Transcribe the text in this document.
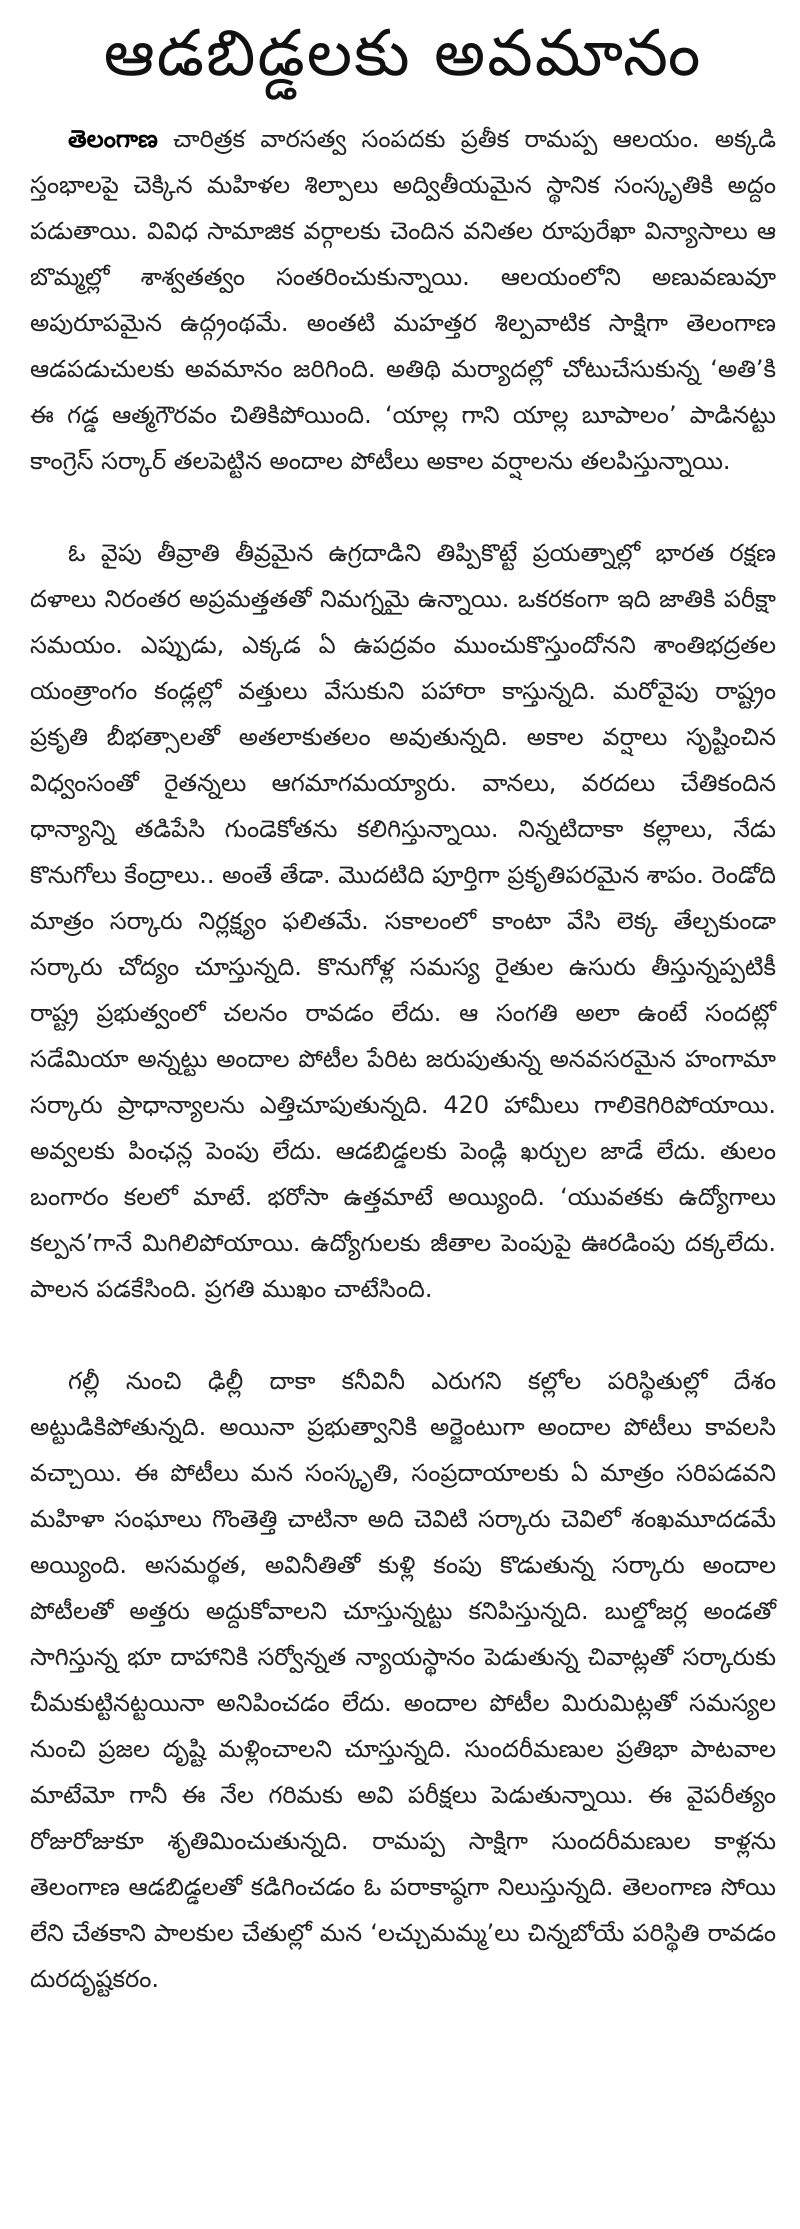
ఆడబిడ్డలకు అవమానం

తెలంగాణ చారిత్రక వారసత్వ సంపదకు ప్రతీక రామప్ప ఆలయం. అక్కడి స్తంభాలపై చెక్కిన మహిళల శిల్పాలు అద్వితీయమైన స్థానిక సంస్కృతికి అద్దం పడుతాయి. వివిధ సామాజిక వర్గాలకు చెందిన వనితల రూపురేఖా విన్యాసాలు ఆ బొమ్మల్లో శాశ్వతత్వం సంతరించుకున్నాయి. ఆలయంలోని అణువణువూ అపురూపమైన ఉద్గ్రంథమే. అంతటి మహత్తర శిల్పవాటిక సాక్షిగా తెలంగాణ ఆడపడుచులకు అవమానం జరిగింది. అతిథి మర్యాదల్లో చోటుచేసుకున్న ‘అతి’కి ఈ గడ్డ ఆత్మగౌరవం చితికిపోయింది. ‘యాల్ల గాని యాల్ల బూపాలం’ పాడినట్టు కాంగ్రెస్ సర్కార్ తలపెట్టిన అందాల పోటీలు అకాల వర్షాలను తలపిస్తున్నాయి.

ఓ వైపు తీవ్రాతి తీవ్రమైన ఉగ్రదాడిని తిప్పికొట్టే ప్రయత్నాల్లో భారత రక్షణ దళాలు నిరంతర అప్రమత్తతతో నిమగ్నమై ఉన్నాయి. ఒకరకంగా ఇది జాతికి పరీక్షా సమయం. ఎప్పుడు, ఎక్కడ ఏ ఉపద్రవం ముంచుకొస్తుందోనని శాంతిభద్రతల యంత్రాంగం కండ్లల్లో వత్తులు వేసుకుని పహారా కాస్తున్నది. మరోవైపు రాష్ట్రం ప్రకృతి బీభత్సాలతో అతలాకుతలం అవుతున్నది. అకాల వర్షాలు సృష్టించిన విధ్వంసంతో రైతన్నలు ఆగమాగమయ్యారు. వానలు, వరదలు చేతికందిన ధాన్యాన్ని తడిపేసి గుండెకోతను కలిగిస్తున్నాయి. నిన్నటిదాకా కల్లాలు, నేడు కొనుగోలు కేంద్రాలు.. అంతే తేడా. మొదటిది పూర్తిగా ప్రకృతిపరమైన శాపం. రెండోది మాత్రం సర్కారు నిర్లక్ష్యం ఫలితమే. సకాలంలో కాంటా వేసి లెక్క తేల్చకుండా సర్కారు చోద్యం చూస్తున్నది. కొనుగోళ్ల సమస్య రైతుల ఉసురు తీస్తున్నప్పటికీ రాష్ట్ర ప్రభుత్వంలో చలనం రావడం లేదు. ఆ సంగతి అలా ఉంటే సందట్లో సడేమియా అన్నట్టు అందాల పోటీల పేరిట జరుపుతున్న అనవసరమైన హంగామా సర్కారు ప్రాధాన్యాలను ఎత్తిచూపుతున్నది. 420 హామీలు గాలికెగిరిపోయాయి. అవ్వలకు పింఛన్ల పెంపు లేదు. ఆడబిడ్డలకు పెండ్లి ఖర్చుల జాడే లేదు. తులం బంగారం కలలో మాటే. భరోసా ఉత్తమాటే అయ్యింది. ‘యువతకు ఉద్యోగాలు కల్పన’గానే మిగిలిపోయాయి. ఉద్యోగులకు జీతాల పెంపుపై ఊరడింపు దక్కలేదు. పాలన పడకేసింది. ప్రగతి ముఖం చాటేసింది.

గల్లీ నుంచి ఢిల్లీ దాకా కనీవినీ ఎరుగని కల్లోల పరిస్థితుల్లో దేశం అట్టుడికిపోతున్నది. అయినా ప్రభుత్వానికి అర్జెంటుగా అందాల పోటీలు కావలసి వచ్చాయి. ఈ పోటీలు మన సంస్కృతి, సంప్రదాయాలకు ఏ మాత్రం సరిపడవని మహిళా సంఘాలు గొంతెత్తి చాటినా అది చెవిటి సర్కారు చెవిలో శంఖమూదడమే అయ్యింది. అసమర్థత, అవినీతితో కుళ్లి కంపు కొడుతున్న సర్కారు అందాల పోటీలతో అత్తరు అద్దుకోవాలని చూస్తున్నట్టు కనిపిస్తున్నది. బుల్డోజర్ల అండతో సాగిస్తున్న భూ దాహానికి సర్వోన్నత న్యాయస్థానం పెడుతున్న చివాట్లతో సర్కారుకు చీమకుట్టినట్టయినా అనిపించడం లేదు. అందాల పోటీల మిరుమిట్లతో సమస్యల నుంచి ప్రజల దృష్టి మళ్లించాలని చూస్తున్నది. సుందరీమణుల ప్రతిభా పాటవాల మాటేమో గానీ ఈ నేల గరిమకు అవి పరీక్షలు పెడుతున్నాయి. ఈ వైపరీత్యం రోజురోజుకూ శృతిమించుతున్నది. రామప్ప సాక్షిగా సుందరీమణుల కాళ్లను తెలంగాణ ఆడబిడ్డలతో కడిగించడం ఓ పరాకాష్ఠగా నిలుస్తున్నది. తెలంగాణ సోయి లేని చేతకాని పాలకుల చేతుల్లో మన ‘లచ్చుమమ్మ’లు చిన్నబోయే పరిస్థితి రావడం దురదృష్టకరం.
